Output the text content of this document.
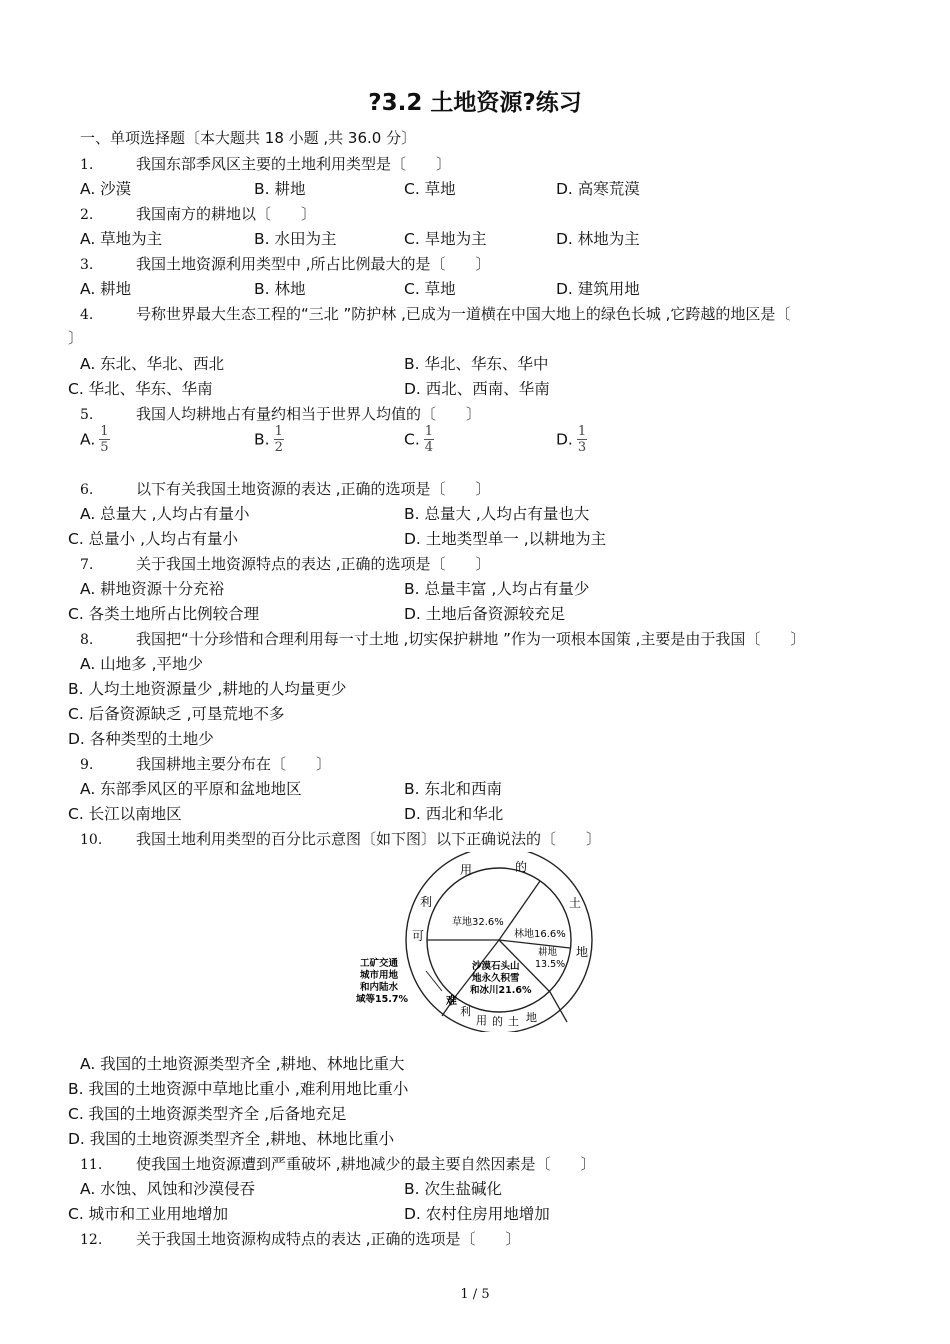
?3.2 土地资源?练习
一、单项选择题〔本大题共 18 小题 ,共 36.0 分〕
1.	我国东部季风区主要的土地利用类型是〔　　〕
A. 沙漠	B. 耕地	C. 草地	D. 高寒荒漠
2.	我国南方的耕地以〔　　〕
A. 草地为主	B. 水田为主	C. 旱地为主	D. 林地为主
3.	我国土地资源利用类型中 ,所占比例最大的是〔　　〕
A. 耕地	B. 林地	C. 草地	D. 建筑用地
4.	号称世界最大生态工程的“三北 ”防护林 ,已成为一道横在中国大地上的绿色长城 ,它跨越的地区是〔
〕
A. 东北、华北、西北	B. 华北、华东、华中
C. 华北、华东、华南	D. 西北、西南、华南
5.	我国人均耕地占有量约相当于世界人均值的〔　　〕
A. $\frac{1}{5}$	B. $\frac{1}{2}$	C. $\frac{1}{4}$	D. $\frac{1}{3}$
6.	以下有关我国土地资源的表达 ,正确的选项是〔　　〕
A. 总量大 ,人均占有量小	B. 总量大 ,人均占有量也大
C. 总量小 ,人均占有量小	D. 土地类型单一 ,以耕地为主
7.	关于我国土地资源特点的表达 ,正确的选项是〔　　〕
A. 耕地资源十分充裕	B. 总量丰富 ,人均占有量少
C. 各类土地所占比例较合理	D. 土地后备资源较充足
8.	我国把“十分珍惜和合理利用每一寸土地 ,切实保护耕地 ”作为一项根本国策 ,主要是由于我国〔　　〕
A. 山地多 ,平地少
B. 人均土地资源量少 ,耕地的人均量更少
C. 后备资源缺乏 ,可垦荒地不多
D. 各种类型的土地少
9.	我国耕地主要分布在〔　　〕
A. 东部季风区的平原和盆地地区	B. 东北和西南
C. 长江以南地区	D. 西北和华北
10. 我国土地利用类型的百分比示意图〔如下图〕以下正确说法的〔　　〕
用	的
土
地
利
可
难
利
用 的 土 地
草地32.6%
林地16.6%
耕地
13.5%
沙漠石头山
地永久积雪
和冰川21.6%
工矿交通
城市用地
和内陆水
域等15.7%
A. 我国的土地资源类型齐全 ,耕地、林地比重大
B. 我国的土地资源中草地比重小 ,难利用地比重小
C. 我国的土地资源类型齐全 ,后备地充足
D. 我国的土地资源类型齐全 ,耕地、林地比重小
11. 使我国土地资源遭到严重破坏 ,耕地减少的最主要自然因素是〔　　〕
A. 水蚀、风蚀和沙漠侵吞	B. 次生盐碱化
C. 城市和工业用地增加	D. 农村住房用地增加
12. 关于我国土地资源构成特点的表达 ,正确的选项是〔　　〕
1 / 5
